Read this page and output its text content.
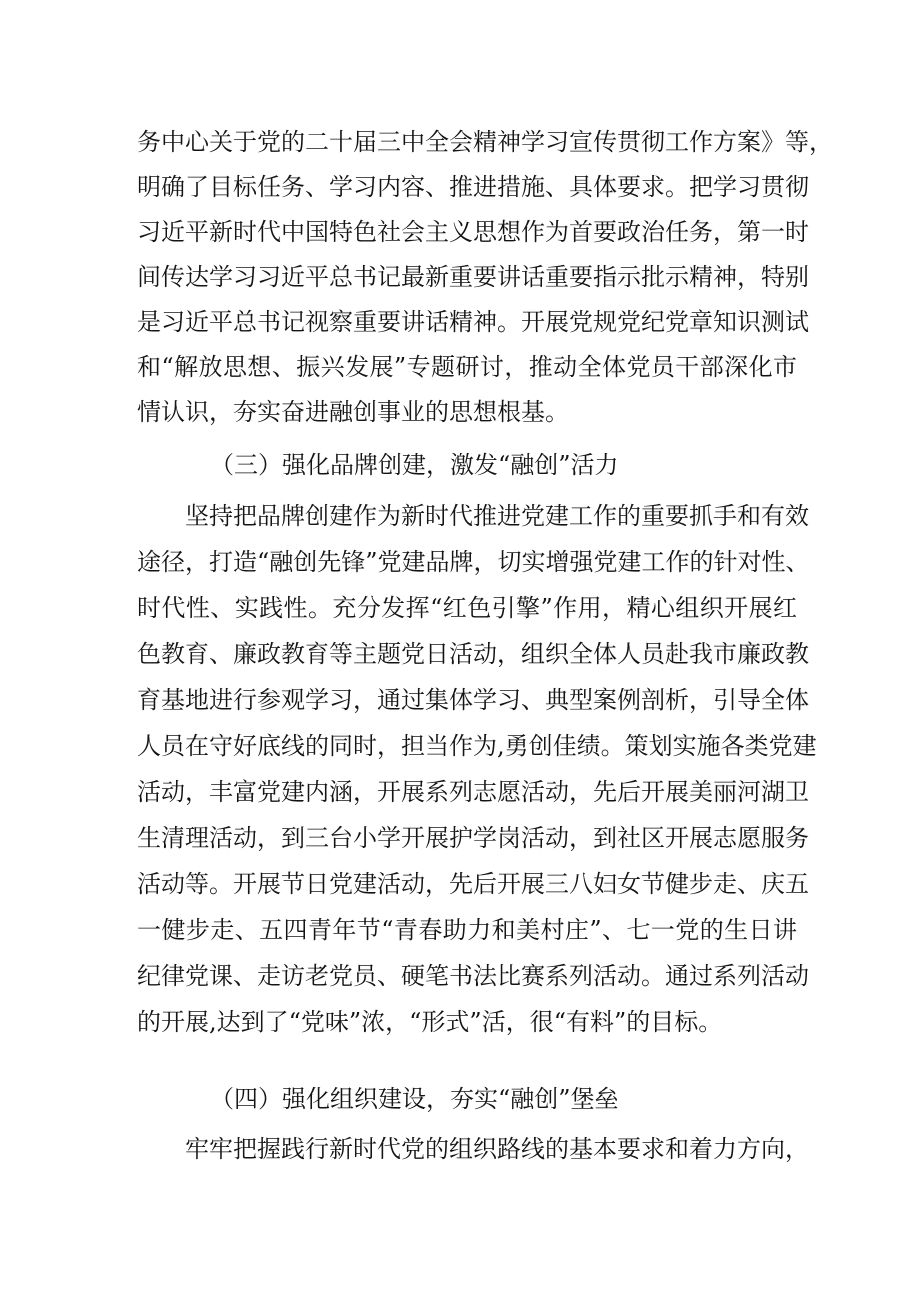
务中心关于党的二十届三中全会精神学习宣传贯彻工作方案》等，
明确了目标任务、学习内容、推进措施、具体要求。把学习贯彻
习近平新时代中国特色社会主义思想作为首要政治任务，第一时
间传达学习习近平总书记最新重要讲话重要指示批示精神，特别
是习近平总书记视察重要讲话精神。开展党规党纪党章知识测试
和“解放思想、振兴发展”专题研讨，推动全体党员干部深化市
情认识，夯实奋进融创事业的思想根基。
（三）强化品牌创建，激发“融创”活力
坚持把品牌创建作为新时代推进党建工作的重要抓手和有效
途径，打造“融创先锋”党建品牌，切实增强党建工作的针对性、
时代性、实践性。充分发挥“红色引擎”作用，精心组织开展红
色教育、廉政教育等主题党日活动，组织全体人员赴我市廉政教
育基地进行参观学习，通过集体学习、典型案例剖析，引导全体
人员在守好底线的同时，担当作为,勇创佳绩。策划实施各类党建
活动，丰富党建内涵，开展系列志愿活动，先后开展美丽河湖卫
生清理活动，到三台小学开展护学岗活动，到社区开展志愿服务
活动等。开展节日党建活动，先后开展三八妇女节健步走、庆五
一健步走、五四青年节“青春助力和美村庄”、七一党的生日讲
纪律党课、走访老党员、硬笔书法比赛系列活动。通过系列活动
的开展,达到了“党味”浓，“形式”活，很“有料”的目标。
（四）强化组织建设，夯实“融创”堡垒
牢牢把握践行新时代党的组织路线的基本要求和着力方向，
